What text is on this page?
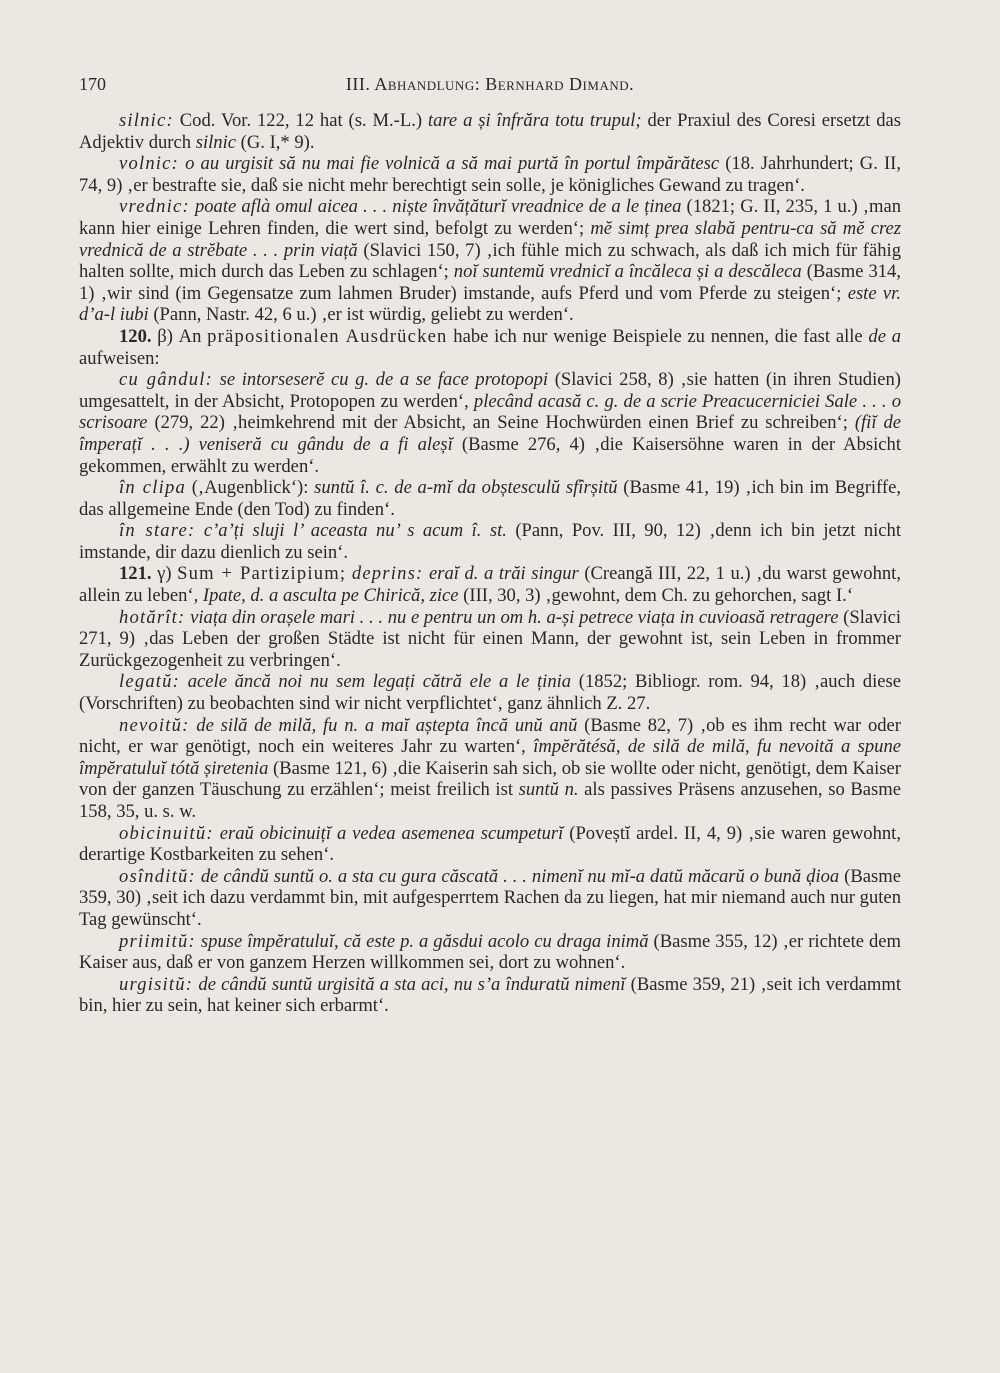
170	III. Abhandlung: Bernhard Dimand.

silnic: Cod. Vor. 122, 12 hat (s. M.-L.) tare a și înfrăra totu trupul; der Praxiul des Coresi ersetzt das Adjektiv durch silnic (G. I,* 9).

volnic: o au urgisit să nu mai fie volnică a să mai purtă în portul împărătesc (18. Jahrhundert; G. II, 74, 9) ‚er bestrafte sie, daß sie nicht mehr berechtigt sein solle, je königliches Gewand zu tragen‘.

vrednic: poate aflà omul aicea . . . niște învățăturĭ vreadnice de a le ținea (1821; G. II, 235, 1 u.) ‚man kann hier einige Lehren finden, die wert sind, befolgt zu werden‘; mĕ simț prea slabă pentru-ca să mĕ crez vrednică de a strĕbate . . . prin viață (Slavici 150, 7) ‚ich fühle mich zu schwach, als daß ich mich für fähig halten sollte, mich durch das Leben zu schlagen‘; noĭ suntemŭ vrednicĭ a încăleca și a descăleca (Basme 314, 1) ‚wir sind (im Gegensatze zum lahmen Bruder) imstande, aufs Pferd und vom Pferde zu steigen‘; este vr. d’a-l iubi (Pann, Nastr. 42, 6 u.) ‚er ist würdig, geliebt zu werden‘.

120. β) An präpositionalen Ausdrücken habe ich nur wenige Beispiele zu nennen, die fast alle de a aufweisen:

cu gândul: se intorseserĕ cu g. de a se face protopopi (Slavici 258, 8) ‚sie hatten (in ihren Studien) umgesattelt, in der Absicht, Protopopen zu werden‘, plecând acasă c. g. de a scrie Preacucerniciei Sale . . . o scrisoare (279, 22) ‚heimkehrend mit der Absicht, an Seine Hochwürden einen Brief zu schreiben‘; (fiĭ de împerațĭ . . .) veniseră cu gându de a fi aleșĭ (Basme 276, 4) ‚die Kaisersöhne waren in der Absicht gekommen, erwählt zu werden‘.

în clipa (‚Augenblick‘): suntŭ î. c. de a-mĭ da obștesculŭ sfîrșitŭ (Basme 41, 19) ‚ich bin im Begriffe, das allgemeine Ende (den Tod) zu finden‘.

în stare: c’a’ți sluji l’ aceasta nu’ s acum î. st. (Pann, Pov. III, 90, 12) ‚denn ich bin jetzt nicht imstande, dir dazu dienlich zu sein‘.

121. γ) Sum + Partizipium; deprins: eraĭ d. a trăi singur (Creangă III, 22, 1 u.) ‚du warst gewohnt, allein zu leben‘, Ipate, d. a asculta pe Chirică, zice (III, 30, 3) ‚gewohnt, dem Ch. zu gehorchen, sagt I.‘

hotărît: viața din orașele mari . . . nu e pentru un om h. a-și petrece viața in cuvioasă retragere (Slavici 271, 9) ‚das Leben der großen Städte ist nicht für einen Mann, der gewohnt ist, sein Leben in frommer Zurückgezogenheit zu verbringen‘.

legatŭ: acele ăncă noi nu sem legați cătră ele a le ținia (1852; Bibliogr. rom. 94, 18) ‚auch diese (Vorschriften) zu beobachten sind wir nicht verpflichtet‘, ganz ähnlich Z. 27.

nevoitŭ: de silă de milă, fu n. a maĭ aștepta încă unŭ anŭ (Basme 82, 7) ‚ob es ihm recht war oder nicht, er war genötigt, noch ein weiteres Jahr zu warten‘, împĕrătésă, de silă de milă, fu nevoită a spune împĕratuluĭ tótă șiretenia (Basme 121, 6) ‚die Kaiserin sah sich, ob sie wollte oder nicht, genötigt, dem Kaiser von der ganzen Täuschung zu erzählen‘; meist freilich ist suntŭ n. als passives Präsens anzusehen, so Basme 158, 35, u. s. w.

obicinuitŭ: eraŭ obicinuițĭ a vedea asemenea scumpeturĭ (Poveștĭ ardel. II, 4, 9) ‚sie waren gewohnt, derartige Kostbarkeiten zu sehen‘.

osînditŭ: de cândŭ suntŭ o. a sta cu gura căscată . . . nimenĭ nu mĭ-a datŭ măcarŭ o bună ḑioa (Basme 359, 30) ‚seit ich dazu verdammt bin, mit aufgesperrtem Rachen da zu liegen, hat mir niemand auch nur guten Tag gewünscht‘.

priimitŭ: spuse împĕratuluĭ, că este p. a găsdui acolo cu draga inimă (Basme 355, 12) ‚er richtete dem Kaiser aus, daß er von ganzem Herzen willkommen sei, dort zu wohnen‘.

urgisitŭ: de cândŭ suntŭ urgisită a sta aci, nu s’a înduratŭ nimenĭ (Basme 359, 21) ‚seit ich verdammt bin, hier zu sein, hat keiner sich erbarmt‘.
